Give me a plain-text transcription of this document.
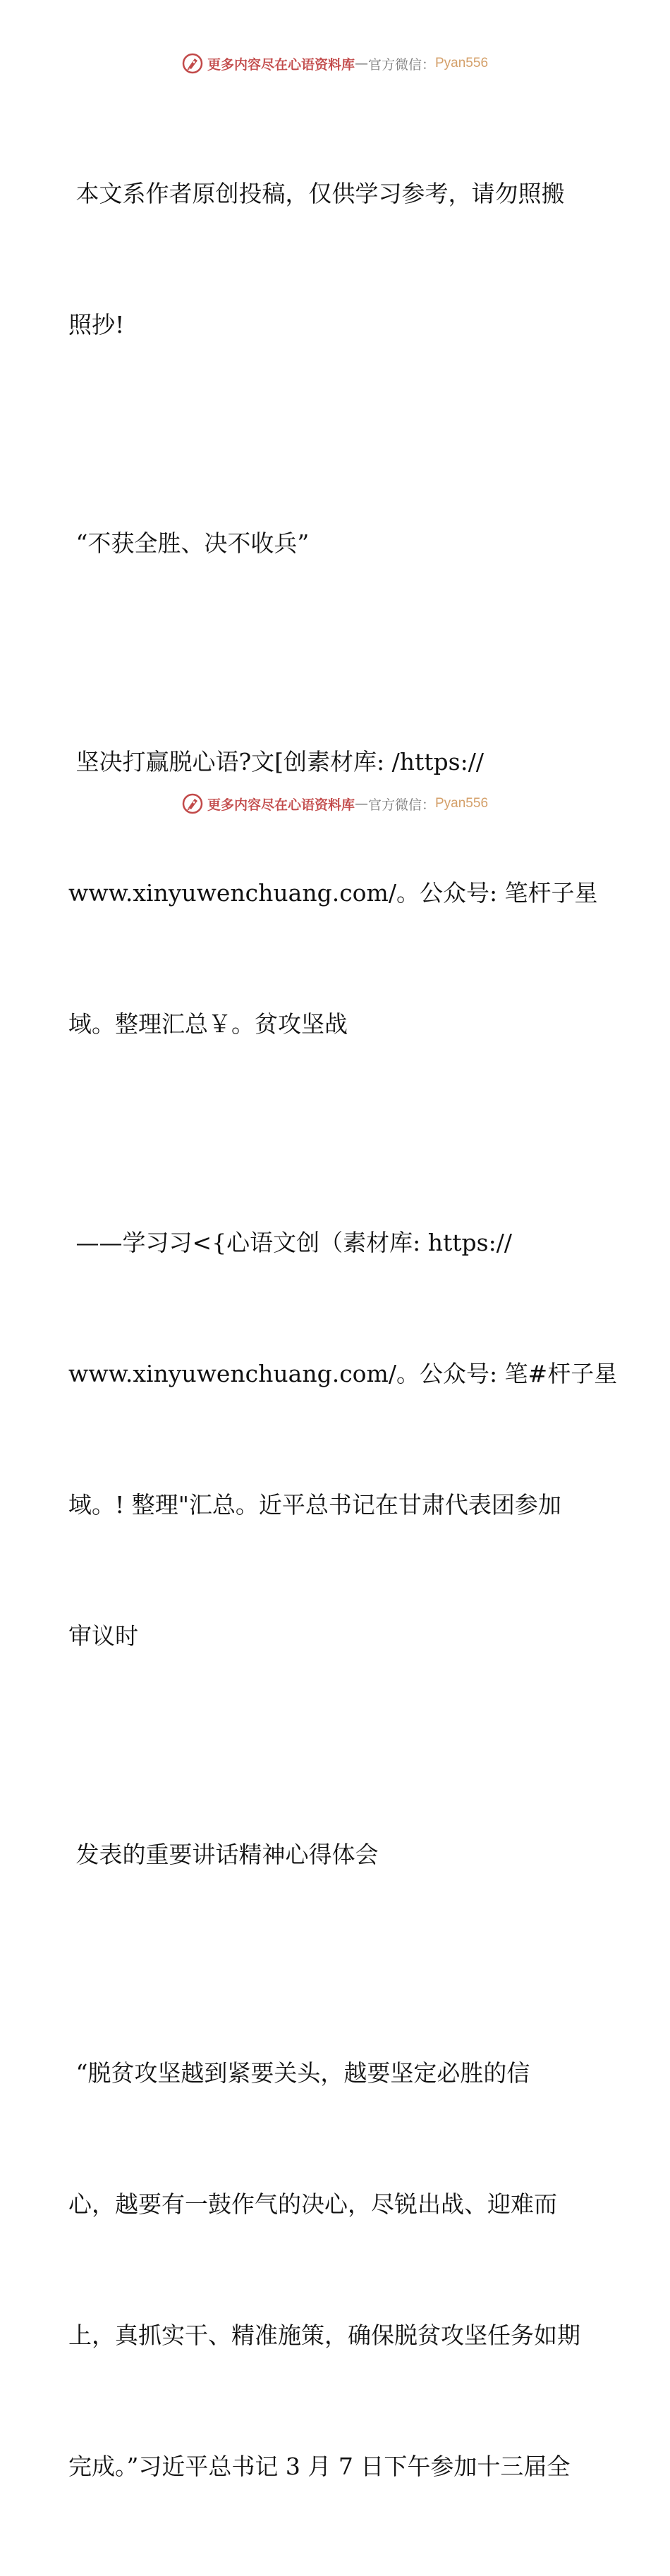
更多内容尽在心语资料库 — 官方微信： Pyan556

本文系作者原创投稿，仅供学习参考，请勿照搬

照抄!

“不获全胜、决不收兵”

坚决打赢脱心语?文[创素材库: /https://

www.xinyuwenchuang.com/。公众号: 笔杆子星

域。整理汇总￥。贫攻坚战

——学习习<{心语文创（素材库: https://

www.xinyuwenchuang.com/。公众号: 笔#杆子星

域。! 整理"汇总。近平总书记在甘肃代表团参加

审议时

发表的重要讲话精神心得体会

“脱贫攻坚越到紧要关头，越要坚定必胜的信

心，越要有一鼓作气的决心，尽锐出战、迎难而

上，真抓实干、精准施策，确保脱贫攻坚任务如期

完成。”习近平总书记 3 月 7 日下午参加十三届全

更多内容尽在心语资料库 — 官方微信： Pyan556
